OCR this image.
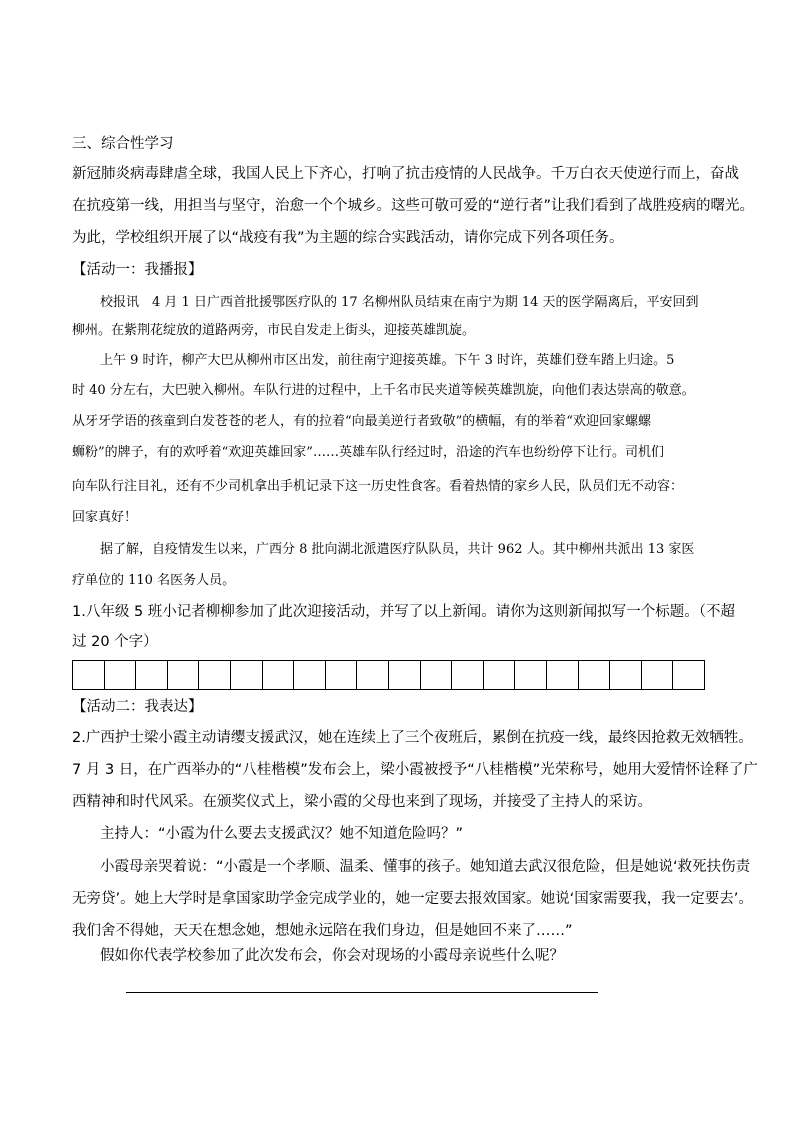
三、综合性学习
新冠肺炎病毒肆虐全球，我国人民上下齐心，打响了抗击疫情的人民战争。千万白衣天使逆行而上，奋战
在抗疫第一线，用担当与坚守，治愈一个个城乡。这些可敬可爱的“逆行者”让我们看到了战胜疫病的曙光。
为此，学校组织开展了以“战疫有我”为主题的综合实践活动，请你完成下列各项任务。
【活动一：我播报】
校报讯　4 月 1 日广西首批援鄂医疗队的 17 名柳州队员结束在南宁为期 14 天的医学隔离后，平安回到
柳州。在紫荆花绽放的道路两旁，市民自发走上街头，迎接英雄凯旋。
上午 9 时许，柳产大巴从柳州市区出发，前往南宁迎接英雄。下午 3 时许，英雄们登车踏上归途。5
时 40 分左右，大巴驶入柳州。车队行进的过程中，上千名市民夹道等候英雄凯旋，向他们表达崇高的敬意。
从牙牙学语的孩童到白发苍苍的老人，有的拉着“向最美逆行者致敬”的横幅，有的举着“欢迎回家螺螺
蛳粉”的牌子，有的欢呼着“欢迎英雄回家”……英雄车队行经过时，沿途的汽车也纷纷停下让行。司机们
向车队行注目礼，还有不少司机拿出手机记录下这一历史性食客。看着热情的家乡人民，队员们无不动容：
回家真好！
据了解，自疫情发生以来，广西分 8 批向湖北派遣医疗队队员，共计 962 人。其中柳州共派出 13 家医
疗单位的 110 名医务人员。
1.八年级 5 班小记者柳柳参加了此次迎接活动，并写了以上新闻。请你为这则新闻拟写一个标题。（不超
过 20 个字）
【活动二：我表达】
2.广西护士梁小霞主动请缨支援武汉，她在连续上了三个夜班后，累倒在抗疫一线，最终因抢救无效牺牲。
7 月 3 日，在广西举办的“八桂楷模”发布会上，梁小霞被授予“八桂楷模”光荣称号，她用大爱情怀诠释了广
西精神和时代风采。在颁奖仪式上，梁小霞的父母也来到了现场，并接受了主持人的采访。
主持人：“小霞为什么要去支援武汉？她不知道危险吗？”
小霞母亲哭着说：“小霞是一个孝顺、温柔、懂事的孩子。她知道去武汉很危险，但是她说‘救死扶伤责
无旁贷’。她上大学时是拿国家助学金完成学业的，她一定要去报效国家。她说‘国家需要我，我一定要去’。
我们舍不得她，天天在想念她，想她永远陪在我们身边，但是她回不来了……”
假如你代表学校参加了此次发布会，你会对现场的小霞母亲说些什么呢？
